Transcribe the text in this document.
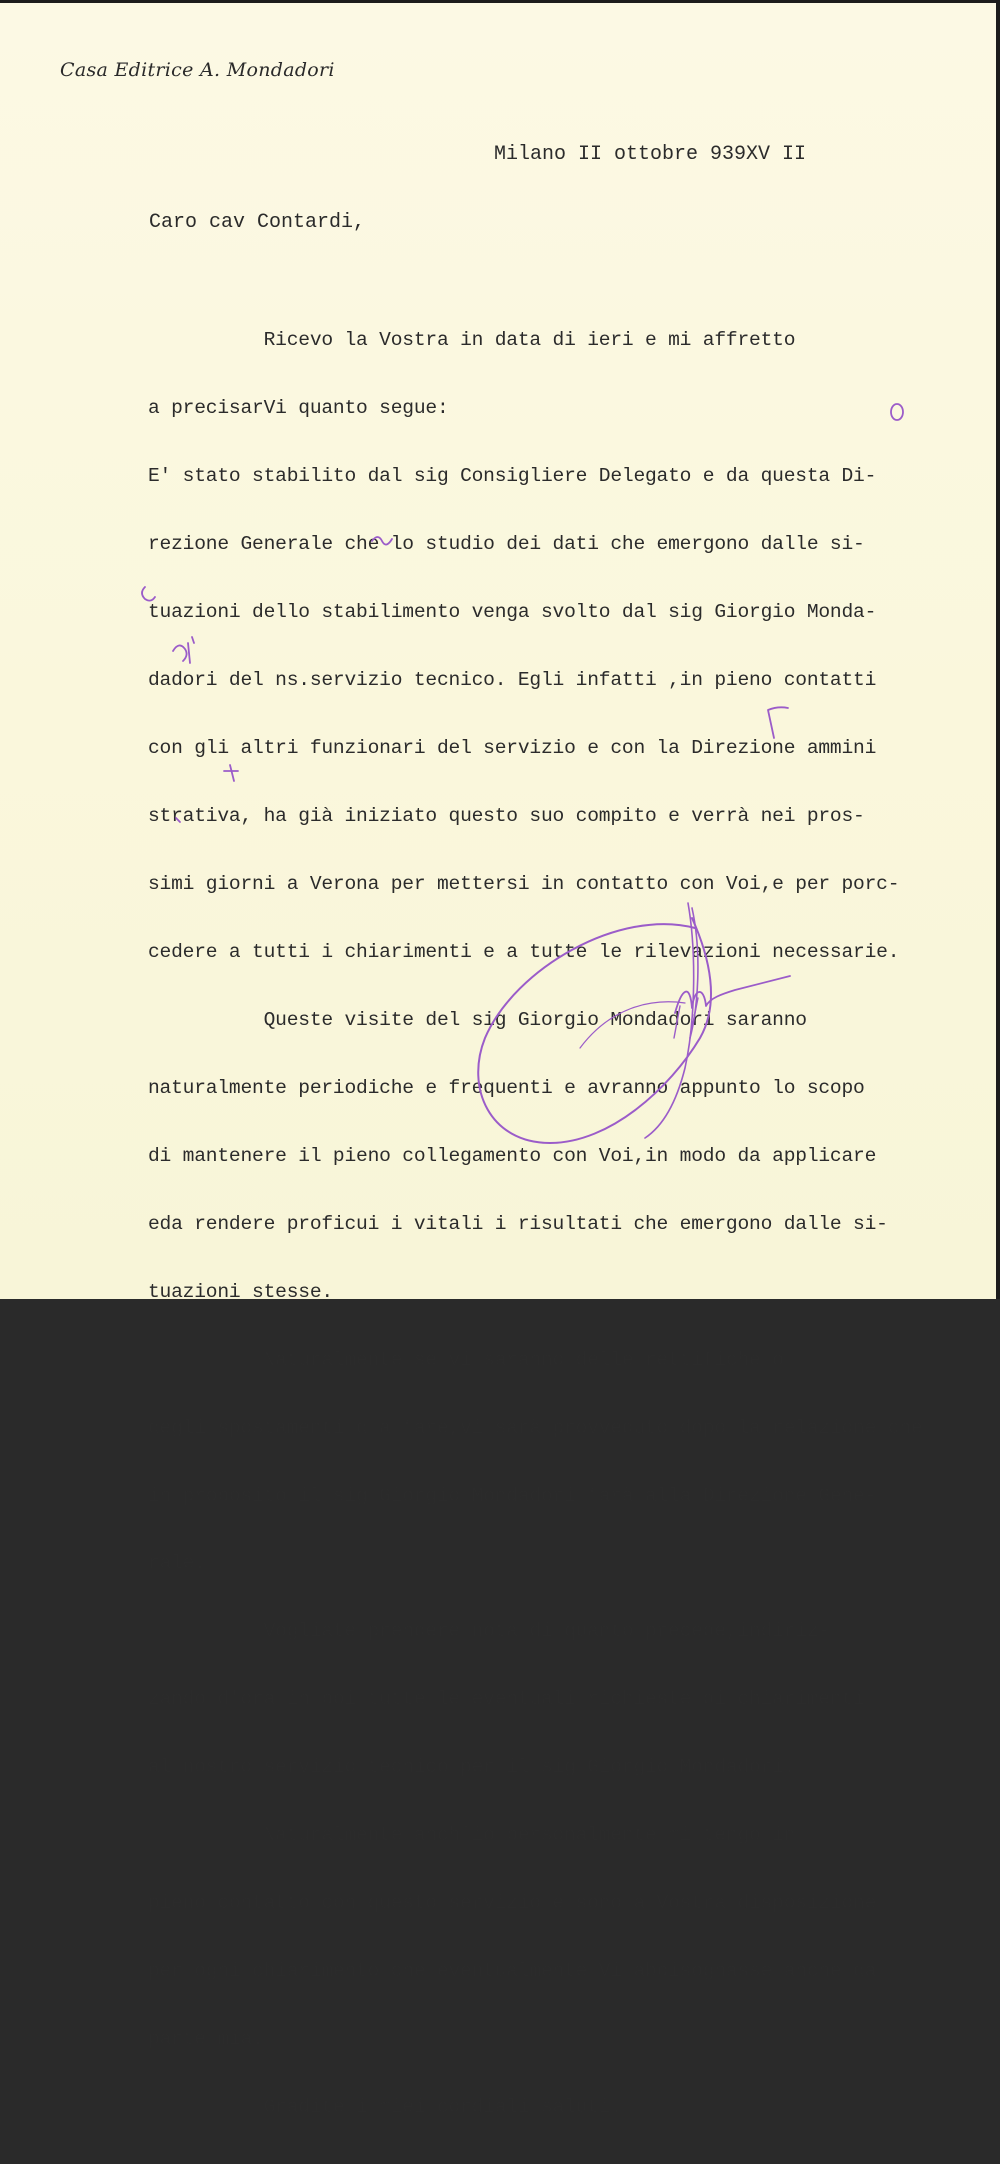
Casa Editrice A. Mondadori
Milano II ottobre 939XV II
Caro cav Contardi,

Ricevo la Vostra in data di ieri e mi affretto

a precisarVi quanto segue:

E' stato stabilito dal sig Consigliere Delegato e da questa Di-

rezione Generale che lo studio dei dati che emergono dalle si-

tuazioni dello stabilimento venga svolto dal sig Giorgio Monda-

dadori del ns.servizio tecnico. Egli infatti ,in pieno contatti

con gli altri funzionari del servizio e con la Direzione ammini

strativa, ha già iniziato questo suo compito e verrà nei pros-

simi giorni a Verona per mettersi in contatto con Voi,e per porc-

cedere a tutti i chiarimenti e a tutte le rilevazioni necessarie.

Queste visite del sig Giorgio Mondadori saranno

naturalmente periodiche e frequenti e avranno appunto lo scopo

di mantenere il pieno collegamento con Voi,in modo da applicare

eda rendere proficui i vitali i risultati che emergono dalle si-

tuazioni stesse.

Naturalmente se vi saranno delle rettifiche o

degli spostamenti d a fare,vi sarà provveduto dopo la relazione che

in proposito il sig Giorgio Mondadori farà alla Direzione Gene-

rale.

Vogliate prendere nota di quanto precede,indiriz-

zando d'ora in poi tutte le eventuali richieste di chiarimenti

al nostro servizio tecnico per il sig Giorgio Mondadori.

Naturalmente anch'io personalmente mi tengo in

pieno contatto con questo servizio e sono a Vostra disposizione

per ogni chiarimento che eventualmente Vi abbisognasse anche da

parte mia.

Gradite i miei cordiali saluti.
